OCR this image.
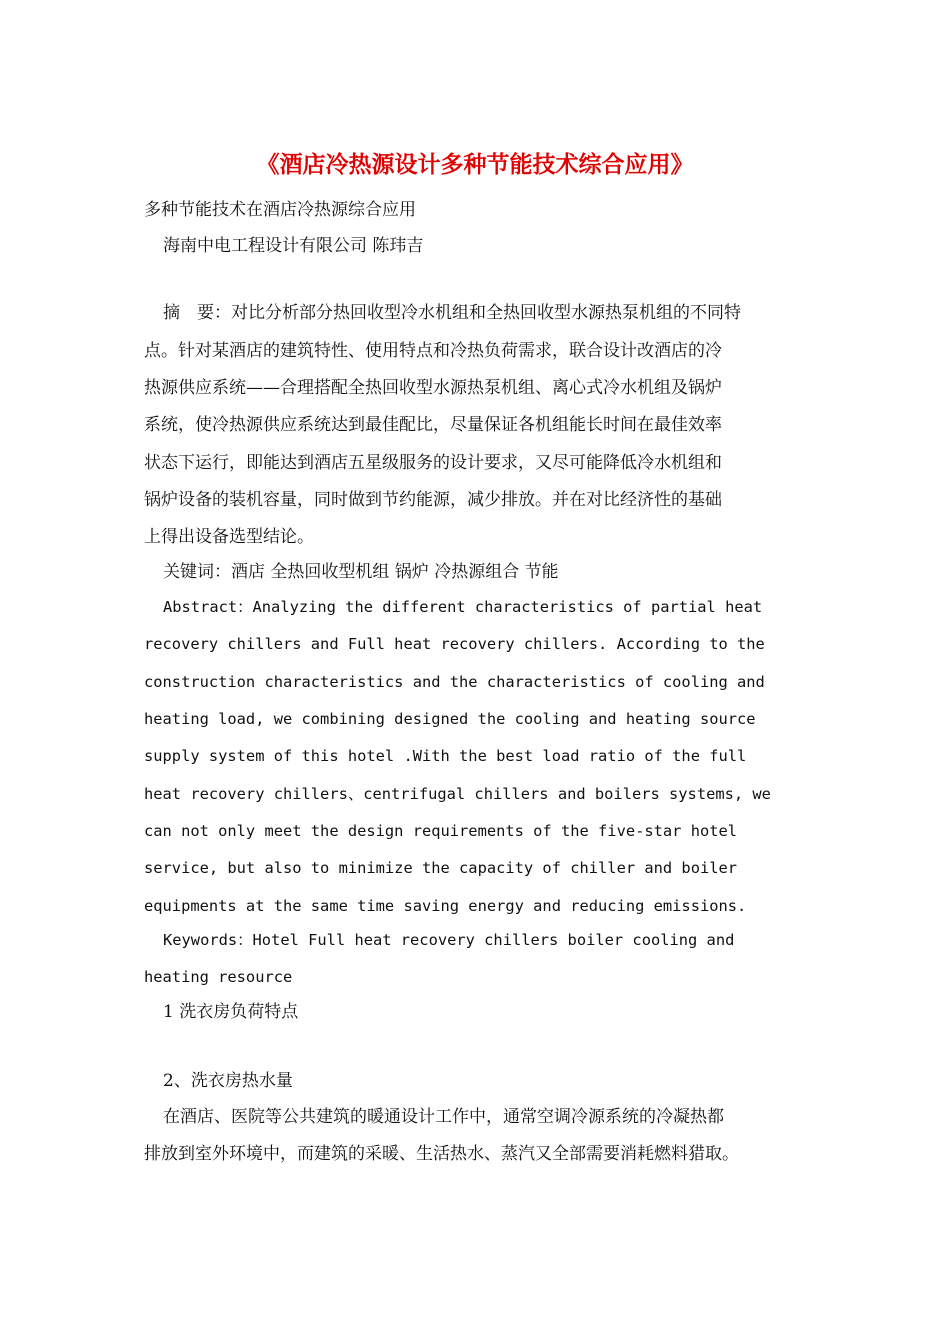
《酒店冷热源设计多种节能技术综合应用》
多种节能技术在酒店冷热源综合应用
海南中电工程设计有限公司 陈玮吉
摘　要：对比分析部分热回收型冷水机组和全热回收型水源热泵机组的不同特
点。针对某酒店的建筑特性、使用特点和冷热负荷需求，联合设计改酒店的冷
热源供应系统——合理搭配全热回收型水源热泵机组、离心式冷水机组及锅炉
系统，使冷热源供应系统达到最佳配比，尽量保证各机组能长时间在最佳效率
状态下运行，即能达到酒店五星级服务的设计要求，又尽可能降低冷水机组和
锅炉设备的装机容量，同时做到节约能源，减少排放。并在对比经济性的基础
上得出设备选型结论。
关键词：酒店 全热回收型机组 锅炉 冷热源组合 节能
Abstract：Analyzing the different characteristics of partial heat
recovery chillers and Full heat recovery chillers. According to the
construction characteristics and the characteristics of cooling and
heating load, we combining designed the cooling and heating source
supply system of this hotel .With the best load ratio of the full
heat recovery chillers、centrifugal chillers and boilers systems, we
can not only meet the design requirements of the five-star hotel
service, but also to minimize the capacity of chiller and boiler
equipments at the same time saving energy and reducing emissions.
Keywords：Hotel Full heat recovery chillers boiler cooling and
heating resource
1 洗衣房负荷特点
2、洗衣房热水量
在酒店、医院等公共建筑的暖通设计工作中，通常空调冷源系统的冷凝热都
排放到室外环境中，而建筑的采暖、生活热水、蒸汽又全部需要消耗燃料猎取。
